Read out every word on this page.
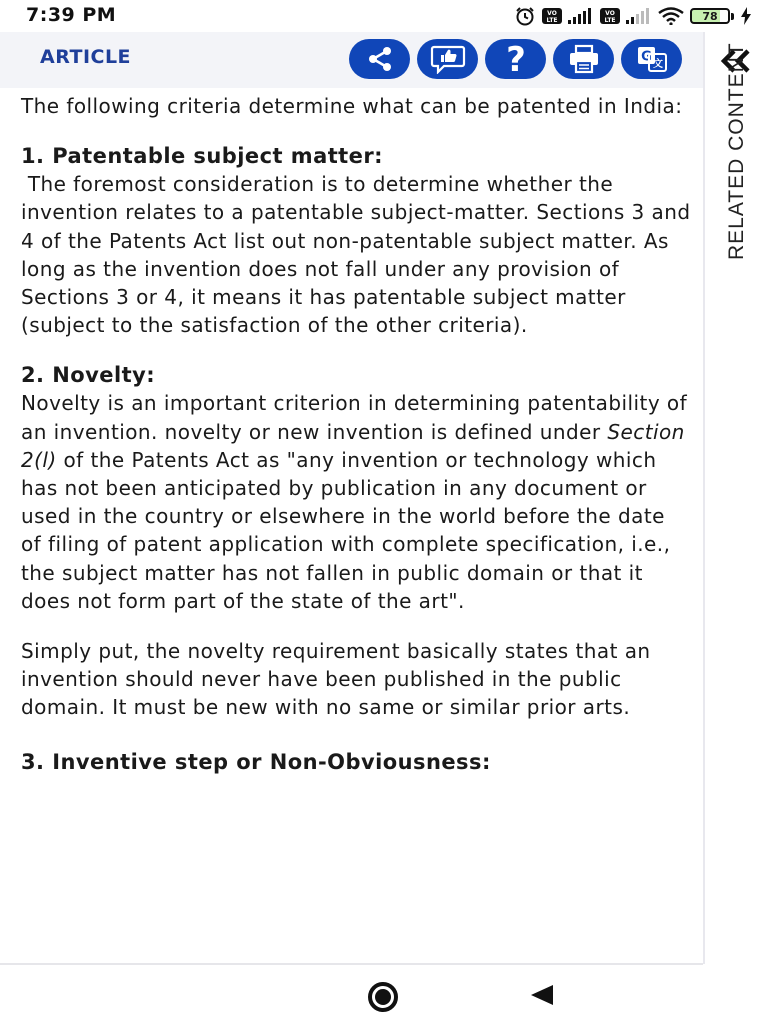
7:39 PM	VO
LTE
VO
LTE	78
ARTICLE	?	G 文	RELATED CONTENT

The following criteria determine what can be patented in India:

1. Patentable subject matter:

The foremost consideration is to determine whether the invention relates to a patentable subject-matter. Sections 3 and 4 of the Patents Act list out non-patentable subject matter. As long as the invention does not fall under any provision of Sections 3 or 4, it means it has patentable subject matter (subject to the satisfaction of the other criteria).

2. Novelty:

Novelty is an important criterion in determining patentability of an invention. novelty or new invention is defined under Section 2(l) of the Patents Act as "any invention or technology which has not been anticipated by publication in any document or used in the country or elsewhere in the world before the date of filing of patent application with complete specification, i.e., the subject matter has not fallen in public domain or that it does not form part of the state of the art".

Simply put, the novelty requirement basically states that an invention should never have been published in the public domain. It must be new with no same or similar prior arts.

3. Inventive step or Non-Obviousness:
